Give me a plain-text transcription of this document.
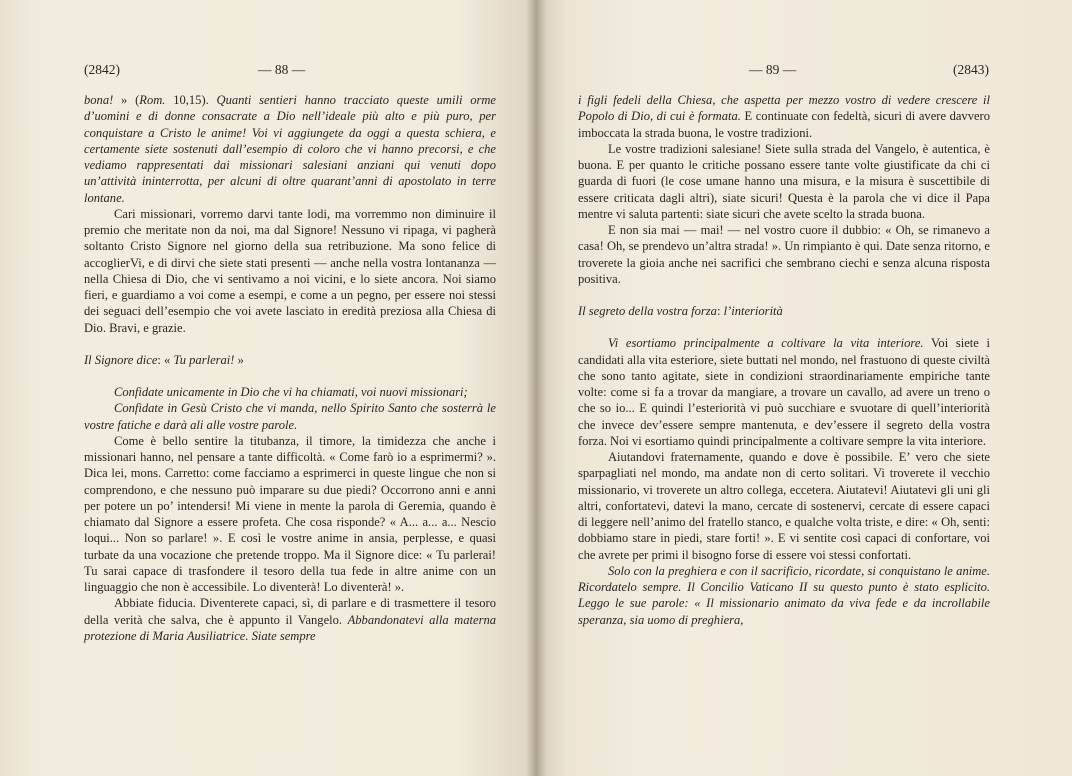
(2842)	— 88 —

bona! » (Rom. 10,15). Quanti sentieri hanno tracciato queste umili orme d’uomini e di donne consacrate a Dio nell’ideale più alto e più puro, per conquistare a Cristo le anime! Voi vi aggiungete da oggi a questa schiera, e certamente siete sostenuti dall’esempio di coloro che vi hanno precorsi, e che vediamo rappresentati dai missionari salesiani anziani qui venuti dopo un’attività ininterrotta, per alcuni di oltre quarant’anni di apostolato in terre lontane.

Cari missionari, vorremo darvi tante lodi, ma vorremmo non diminuire il premio che meritate non da noi, ma dal Signore! Nessuno vi ripaga, vi pagherà soltanto Cristo Signore nel giorno della sua retribuzione. Ma sono felice di accoglierVi, e di dirvi che siete stati presenti — anche nella vostra lontananza — nella Chiesa di Dio, che vi sentivamo a noi vicini, e lo siete ancora. Noi siamo fieri, e guardiamo a voi come a esempi, e come a un pegno, per essere noi stessi dei seguaci dell’esempio che voi avete lasciato in eredità preziosa alla Chiesa di Dio. Bravi, e grazie.

Il Signore dice: « Tu parlerai! »

Confidate unicamente in Dio che vi ha chiamati, voi nuovi missionari;

Confidate in Gesù Cristo che vi manda, nello Spirito Santo che sosterrà le vostre fatiche e darà ali alle vostre parole.

Come è bello sentire la titubanza, il timore, la timidezza che anche i missionari hanno, nel pensare a tante difficoltà. « Come farò io a esprimermi? ». Dica lei, mons. Carretto: come facciamo a esprimerci in queste lingue che non si comprendono, e che nessuno può imparare su due piedi? Occorrono anni e anni per potere un po’ intendersi! Mi viene in mente la parola di Geremia, quando è chiamato dal Signore a essere profeta. Che cosa risponde? « A... a... a... Nescio loqui... Non so parlare! ». E così le vostre anime in ansia, perplesse, e quasi turbate da una vocazione che pretende troppo. Ma il Signore dice: « Tu parlerai! Tu sarai capace di trasfondere il tesoro della tua fede in altre anime con un linguaggio che non è accessibile. Lo diventerà! Lo diventerà! ».

Abbiate fiducia. Diventerete capaci, sì, di parlare e di trasmettere il tesoro della verità che salva, che è appunto il Vangelo. Abbandonatevi alla materna protezione di Maria Ausiliatrice. Siate sempre

— 89 —	(2843)

i figli fedeli della Chiesa, che aspetta per mezzo vostro di vedere crescere il Popolo di Dio, di cui è formata. E continuate con fedeltà, sicuri di avere davvero imboccata la strada buona, le vostre tradizioni.

Le vostre tradizioni salesiane! Siete sulla strada del Vangelo, è autentica, è buona. E per quanto le critiche possano essere tante volte giustificate da chi ci guarda di fuori (le cose umane hanno una misura, e la misura è suscettibile di essere criticata dagli altri), siate sicuri! Questa è la parola che vi dice il Papa mentre vi saluta partenti: siate sicuri che avete scelto la strada buona.

E non sia mai — mai! — nel vostro cuore il dubbio: « Oh, se rimanevo a casa! Oh, se prendevo un’altra strada! ». Un rimpianto è qui. Date senza ritorno, e troverete la gioia anche nei sacrifici che sembrano ciechi e senza alcuna risposta positiva.

Il segreto della vostra forza: l’interiorità

Vi esortiamo principalmente a coltivare la vita interiore. Voi siete i candidati alla vita esteriore, siete buttati nel mondo, nel frastuono di queste civiltà che sono tanto agitate, siete in condizioni straordinariamente empiriche tante volte: come si fa a trovar da mangiare, a trovare un cavallo, ad avere un treno o che so io... E quindi l’esteriorità vi può succhiare e svuotare di quell’interiorità che invece dev’essere sempre mantenuta, e dev’essere il segreto della vostra forza. Noi vi esortiamo quindi principalmente a coltivare sempre la vita interiore.

Aiutandovi fraternamente, quando e dove è possibile. E’ vero che siete sparpagliati nel mondo, ma andate non di certo solitari. Vi troverete il vecchio missionario, vi troverete un altro collega, eccetera. Aiutatevi! Aiutatevi gli uni gli altri, confortatevi, datevi la mano, cercate di sostenervi, cercate di essere capaci di leggere nell’animo del fratello stanco, e qualche volta triste, e dire: « Oh, senti: dobbiamo stare in piedi, stare forti! ». E vi sentite così capaci di confortare, voi che avrete per primi il bisogno forse di essere voi stessi confortati.

Solo con la preghiera e con il sacrificio, ricordate, si conquistano le anime. Ricordatelo sempre. Il Concilio Vaticano II su questo punto è stato esplicito. Leggo le sue parole: « Il missionario animato da viva fede e da incrollabile speranza, sia uomo di preghiera,
